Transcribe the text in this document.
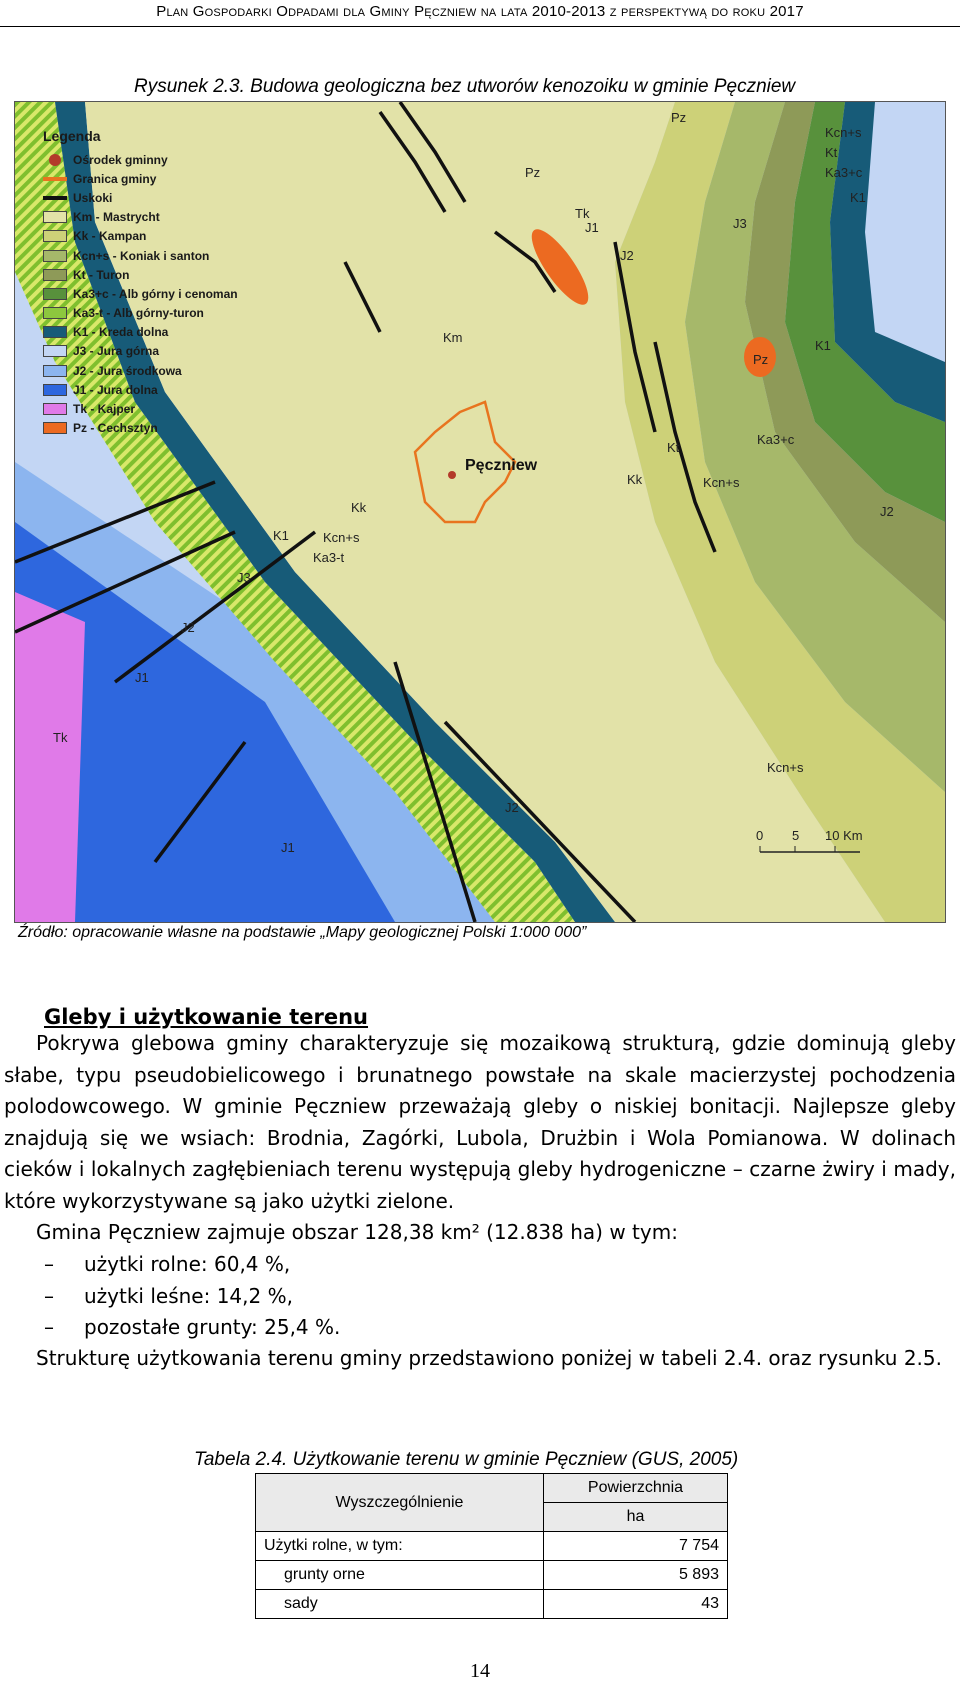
Plan Gospodarki Odpadami dla Gminy Pęczniew na lata 2010-2013 z perspektywą do roku 2017
Rysunek 2.3. Budowa geologiczna bez utworów kenozoiku w gminie Pęczniew
Pz
Kcn+s
Kt
Ka3+c
K1
Pz
Tk
J1	J3
J2
Km
Pz
K1
Kt
Ka3+c
Kk	Kcn+s
J2
Kk
K1	Kcn+s
Ka3-t
J3
J2
J1
Tk
Kcn+s
J2
J1
Pęczniew
0 5 10 Km
Legenda
Ośrodek gminny
Granica gminy
Uskoki
Km - Mastrycht
Kk - Kampan
Kcn+s - Koniak i santon
Kt - Turon
Ka3+c - Alb górny i cenoman
Ka3-t - Alb górny-turon
K1 - Kreda dolna
J3 - Jura górna
J2 - Jura środkowa
J1 - Jura dolna
Tk - Kajper
Pz - Cechsztyn
Źródło: opracowanie własne na podstawie „Mapy geologicznej Polski 1:000 000”
Gleby i użytkowanie terenu
Pokrywa glebowa gminy charakteryzuje się mozaikową strukturą, gdzie dominują gleby słabe, typu pseudobielicowego i brunatnego powstałe na skale macierzystej pochodzenia polodowcowego. W gminie Pęczniew przeważają gleby o niskiej bonitacji. Najlepsze gleby znajdują się we wsiach: Brodnia, Zagórki, Lubola, Drużbin i Wola Pomianowa. W dolinach cieków i lokalnych zagłębieniach terenu występują gleby hydrogeniczne – czarne żwiry i mady, które wykorzystywane są jako użytki zielone.
Gmina Pęczniew zajmuje obszar 128,38 km² (12.838 ha) w tym:
–	użytki rolne: 60,4 %,
–	użytki leśne: 14,2 %,
–	pozostałe grunty: 25,4 %.
Strukturę użytkowania terenu gminy przedstawiono poniżej w tabeli 2.4. oraz rysunku 2.5.
Tabela 2.4. Użytkowanie terenu w gminie Pęczniew (GUS, 2005)
Wyszczególnienie	Powierzchnia
	ha
Użytki rolne, w tym:	7 754
grunty orne	5 893
sady	43
14
